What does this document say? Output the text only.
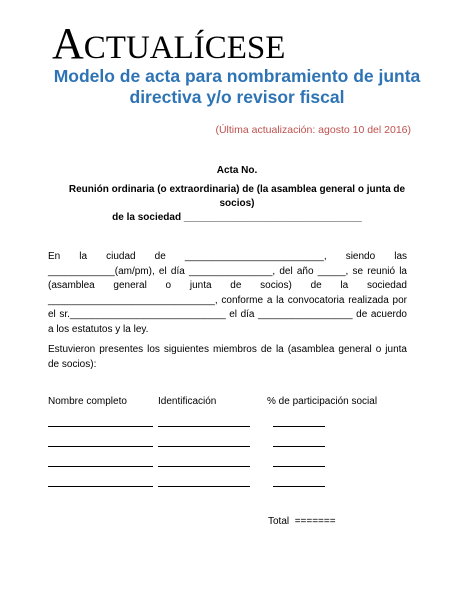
ACTUALÍCESE
Modelo de acta para nombramiento de junta
directiva y/o revisor fiscal
(Última actualización: agosto 10 del 2016)
Acta No.
Reunión ordinaria (o extraordinaria) de (la asamblea general o junta de socios)
de la sociedad ________________________________
En la ciudad de _________________________, siendo las ____________(am/pm), el día _______________, del año _____, se reunió la (asamblea general o junta de socios) de la sociedad ______________________________, conforme a la convocatoria realizada por el sr.____________________________ el día _________________ de acuerdo a los estatutos y la ley.
Estuvieron presentes los siguientes miembros de la (asamblea general o junta de socios):
Nombre completo	Identificación	% de participación social
Total =======
